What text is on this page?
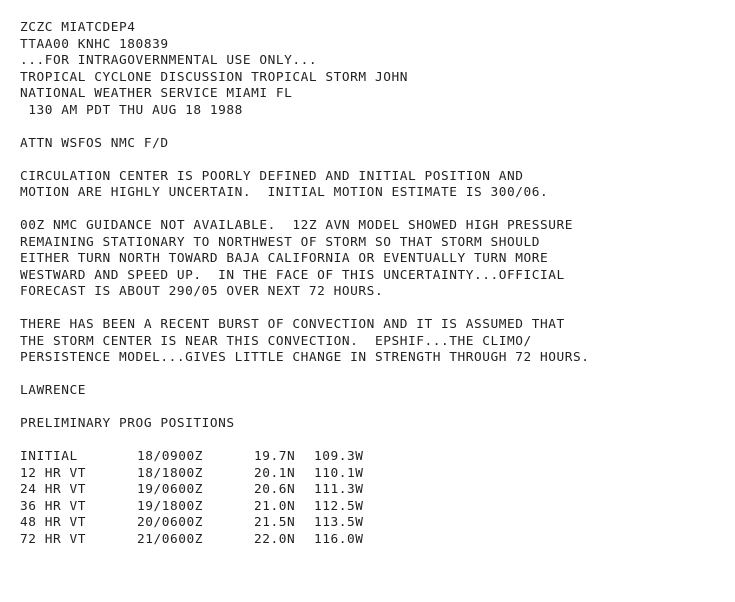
ZCZC MIATCDEP4
TTAA00 KNHC 180839
...FOR INTRAGOVERNMENTAL USE ONLY...
TROPICAL CYCLONE DISCUSSION TROPICAL STORM JOHN
NATIONAL WEATHER SERVICE MIAMI FL
130 AM PDT THU AUG 18 1988
ATTN WSFOS NMC F/D
CIRCULATION CENTER IS POORLY DEFINED AND INITIAL POSITION AND
MOTION ARE HIGHLY UNCERTAIN.  INITIAL MOTION ESTIMATE IS 300/06.
00Z NMC GUIDANCE NOT AVAILABLE.  12Z AVN MODEL SHOWED HIGH PRESSURE
REMAINING STATIONARY TO NORTHWEST OF STORM SO THAT STORM SHOULD
EITHER TURN NORTH TOWARD BAJA CALIFORNIA OR EVENTUALLY TURN MORE
WESTWARD AND SPEED UP.  IN THE FACE OF THIS UNCERTAINTY...OFFICIAL
FORECAST IS ABOUT 290/05 OVER NEXT 72 HOURS.
THERE HAS BEEN A RECENT BURST OF CONVECTION AND IT IS ASSUMED THAT
THE STORM CENTER IS NEAR THIS CONVECTION.  EPSHIF...THE CLIMO/
PERSISTENCE MODEL...GIVES LITTLE CHANGE IN STRENGTH THROUGH 72 HOURS.
LAWRENCE
PRELIMINARY PROG POSITIONS
INITIAL	18/0900Z	19.7N	109.3W
12 HR VT	18/1800Z	20.1N	110.1W
24 HR VT	19/0600Z	20.6N	111.3W
36 HR VT	19/1800Z	21.0N	112.5W
48 HR VT	20/0600Z	21.5N	113.5W
72 HR VT	21/0600Z	22.0N	116.0W
